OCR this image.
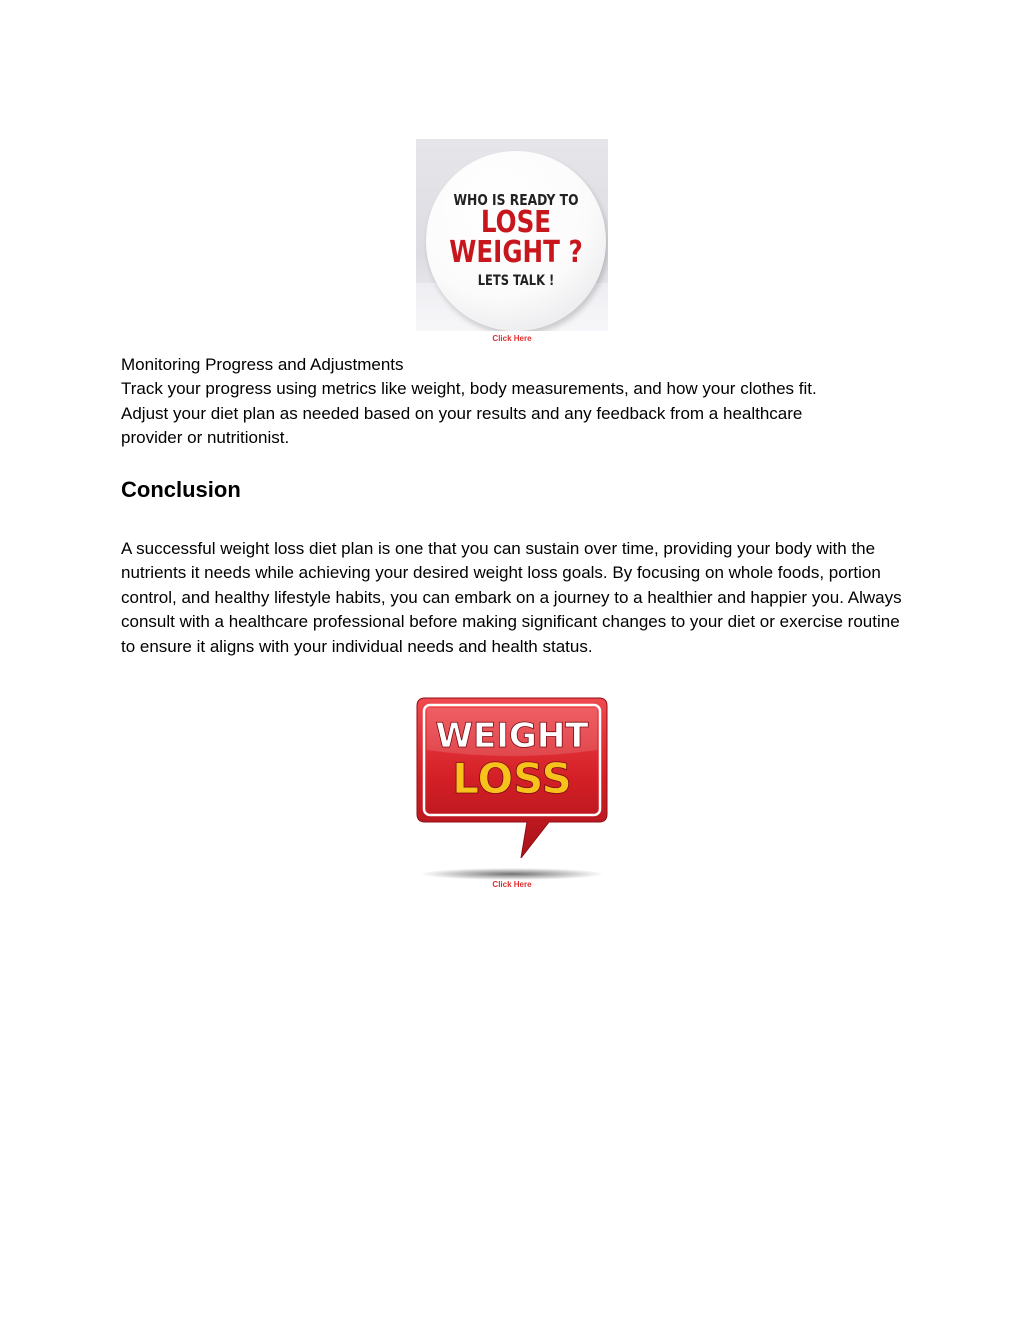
WHO IS READY TO
LOSE
WEIGHT ?
LETS TALK !
Click Here
Monitoring Progress and Adjustments
Track your progress using metrics like weight, body measurements, and how your clothes fit.
Adjust your diet plan as needed based on your results and any feedback from a healthcare
provider or nutritionist.
Conclusion

A successful weight loss diet plan is one that you can sustain over time, providing your body with the nutrients it needs while achieving your desired weight loss goals. By focusing on whole foods, portion control, and healthy lifestyle habits, you can embark on a journey to a healthier and happier you. Always consult with a healthcare professional before making significant changes to your diet or exercise routine to ensure it aligns with your individual needs and health status.

WEIGHT
LOSS
Click Here
